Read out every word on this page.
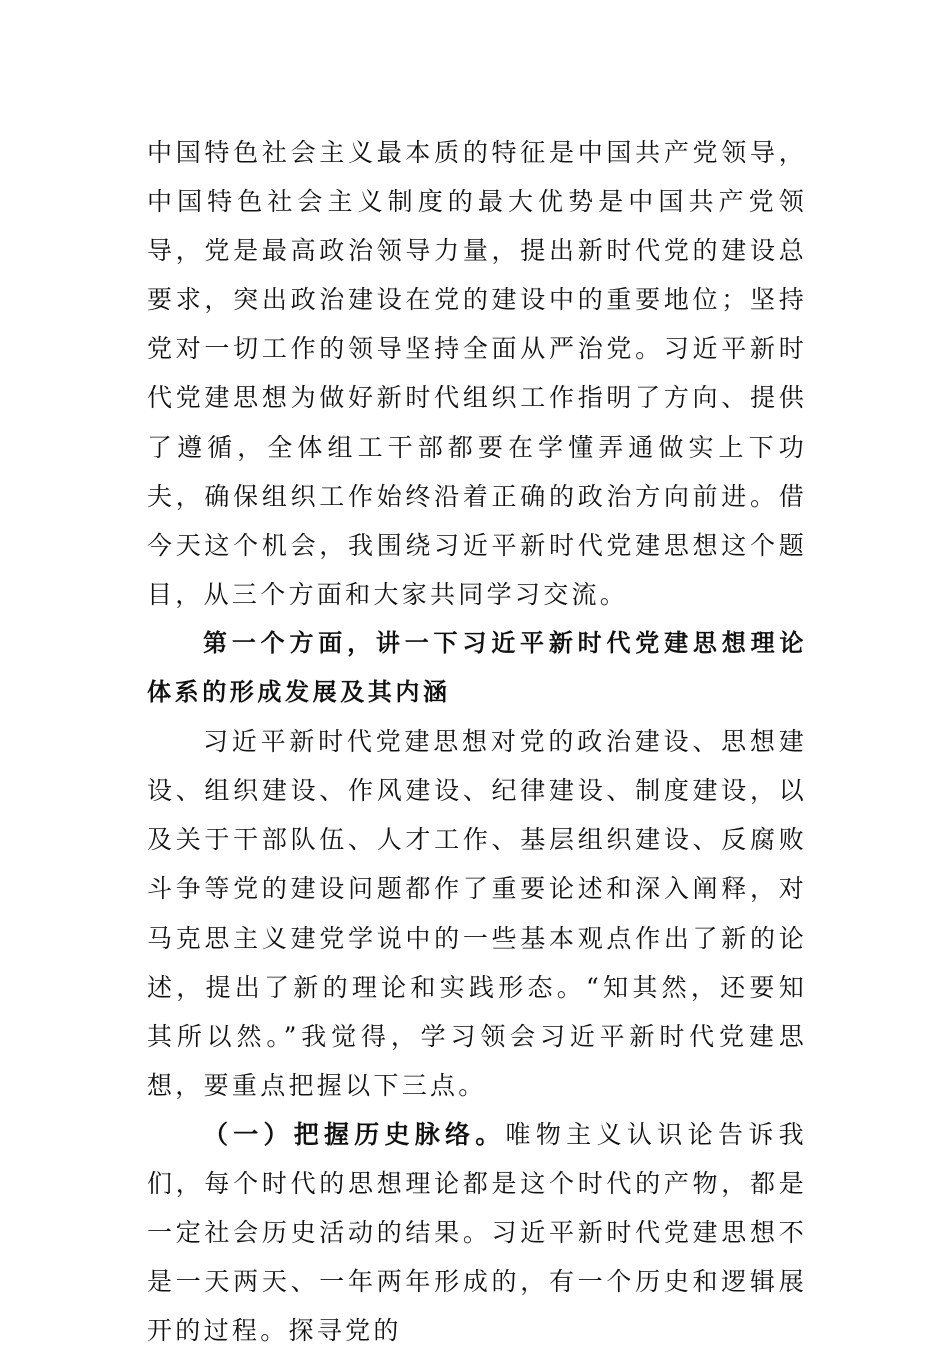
中国特色社会主义最本质的特征是中国共产党领导，中国特色社会主义制度的最大优势是中国共产党领导，党是最高政治领导力量，提出新时代党的建设总要求，突出政治建设在党的建设中的重要地位；坚持党对一切工作的领导坚持全面从严治党。习近平新时代党建思想为做好新时代组织工作指明了方向、提供了遵循，全体组工干部都要在学懂弄通做实上下功夫，确保组织工作始终沿着正确的政治方向前进。借今天这个机会，我围绕习近平新时代党建思想这个题目，从三个方面和大家共同学习交流。

第一个方面，讲一下习近平新时代党建思想理论体系的形成发展及其内涵

习近平新时代党建思想对党的政治建设、思想建设、组织建设、作风建设、纪律建设、制度建设，以及关于干部队伍、人才工作、基层组织建设、反腐败斗争等党的建设问题都作了重要论述和深入阐释，对马克思主义建党学说中的一些基本观点作出了新的论述，提出了新的理论和实践形态。“知其然，还要知其所以然。”我觉得，学习领会习近平新时代党建思想，要重点把握以下三点。

（一）把握历史脉络。唯物主义认识论告诉我们，每个时代的思想理论都是这个时代的产物，都是一定社会历史活动的结果。习近平新时代党建思想不是一天两天、一年两年形成的，有一个历史和逻辑展开的过程。探寻党的
